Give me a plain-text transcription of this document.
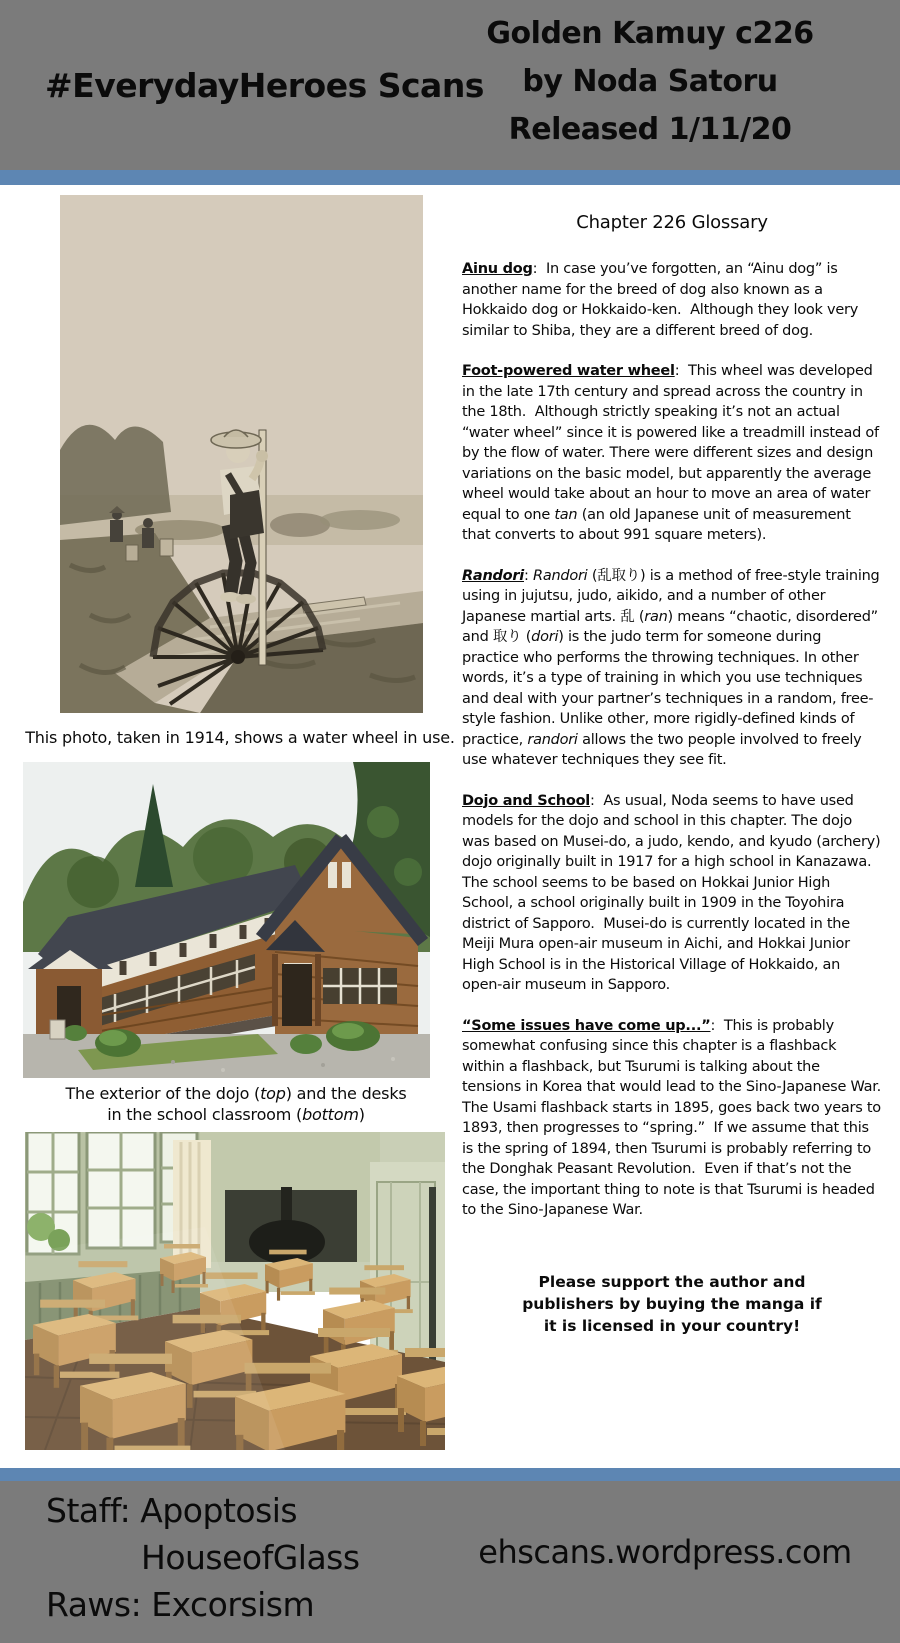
#EverydayHeroes Scans
Golden Kamuy c226
by Noda Satoru
Released 1/11/20
This photo, taken in 1914, shows a water wheel in use.
The exterior of the dojo (top) and the desks
in the school classroom (bottom)
Chapter 226 Glossary

Ainu dog:  In case you’ve forgotten, an “Ainu dog” is another name for the breed of dog also known as a Hokkaido dog or Hokkaido-ken.  Although they look very similar to Shiba, they are a different breed of dog.

Foot-powered water wheel:  This wheel was developed in the late 17th century and spread across the country in the 18th.  Although strictly speaking it’s not an actual “water wheel” since it is powered like a treadmill instead of by the flow of water. There were different sizes and design variations on the basic model, but apparently the average wheel would take about an hour to move an area of water equal to one tan (an old Japanese unit of measurement that converts to about 991 square meters).

Randori: Randori (乱取り) is a method of free-style training using in jujutsu, judo, aikido, and a number of other Japanese martial arts. 乱 (ran) means “chaotic, disordered” and 取り (dori) is the judo term for someone during practice who performs the throwing techniques. In other words, it’s a type of training in which you use techniques and deal with your partner’s techniques in a random, free-style fashion. Unlike other, more rigidly-defined kinds of practice, randori allows the two people involved to freely use whatever techniques they see fit.

Dojo and School:  As usual, Noda seems to have used models for the dojo and school in this chapter. The dojo was based on Musei-do, a judo, kendo, and kyudo (archery) dojo originally built in 1917 for a high school in Kanazawa.  The school seems to be based on Hokkai Junior High School, a school originally built in 1909 in the Toyohira district of Sapporo.  Musei-do is currently located in the Meiji Mura open-air museum in Aichi, and Hokkai Junior High School is in the Historical Village of Hokkaido, an open-air museum in Sapporo.

“Some issues have come up...”:  This is probably somewhat confusing since this chapter is a flashback within a flashback, but Tsurumi is talking about the tensions in Korea that would lead to the Sino-Japanese War.  The Usami flashback starts in 1895, goes back two years to 1893, then progresses to “spring.”  If we assume that this is the spring of 1894, then Tsurumi is probably referring to the Donghak Peasant Revolution.  Even if that’s not the case, the important thing to note is that Tsurumi is headed to the Sino-Japanese War.

Please support the author and
publishers by buying the manga if
it is licensed in your country!
Staff: Apoptosis
HouseofGlass
Raws: Excorsism
ehscans.wordpress.com
